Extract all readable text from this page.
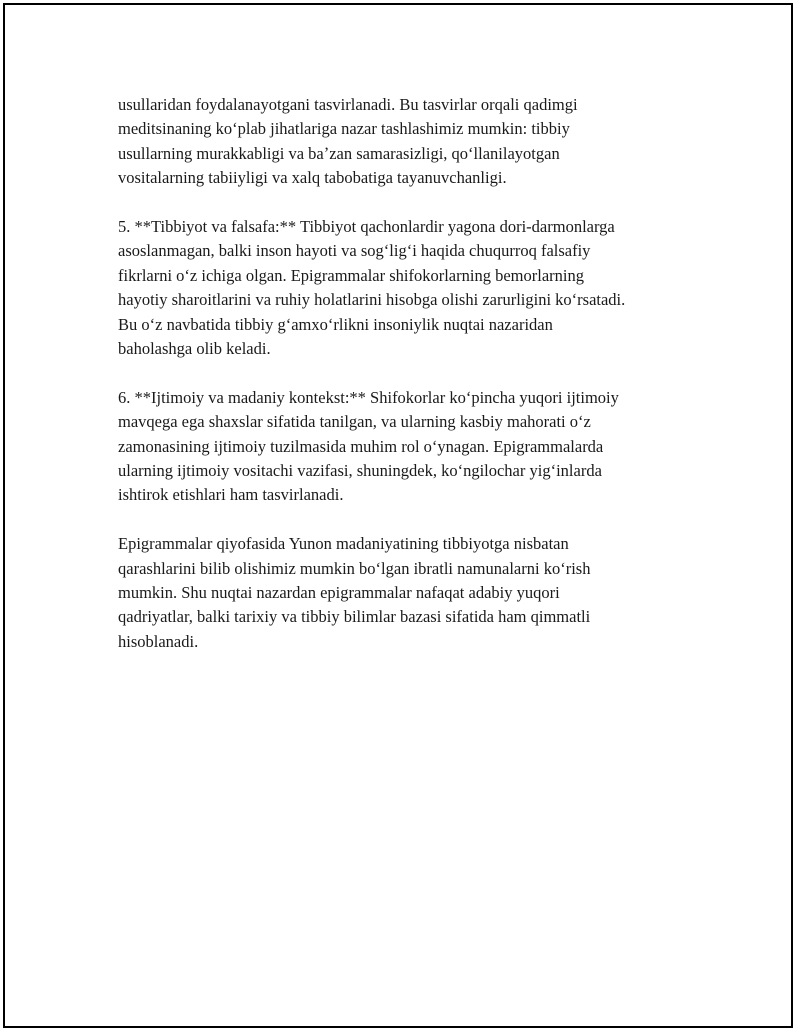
usullaridan foydalanayotgani tasvirlanadi. Bu tasvirlar orqali qadimgi
meditsinaning koʻplab jihatlariga nazar tashlashimiz mumkin: tibbiy
usullarning murakkabligi va baʼzan samarasizligi, qoʻllanilayotgan
vositalarning tabiiyligi va xalq tabobatiga tayanuvchanligi.

5. **Tibbiyot va falsafa:** Tibbiyot qachonlardir yagona dori-darmonlarga
asoslanmagan, balki inson hayoti va sogʻligʻi haqida chuqurroq falsafiy
fikrlarni oʻz ichiga olgan. Epigrammalar shifokorlarning bemorlarning
hayotiy sharoitlarini va ruhiy holatlarini hisobga olishi zarurligini koʻrsatadi.
Bu oʻz navbatida tibbiy gʻamxoʻrlikni insoniylik nuqtai nazaridan
baholashga olib keladi.

6. **Ijtimoiy va madaniy kontekst:** Shifokorlar koʻpincha yuqori ijtimoiy
mavqega ega shaxslar sifatida tanilgan, va ularning kasbiy mahorati oʻz
zamonasining ijtimoiy tuzilmasida muhim rol oʻynagan. Epigrammalarda
ularning ijtimoiy vositachi vazifasi, shuningdek, koʻngilochar yigʻinlarda
ishtirok etishlari ham tasvirlanadi.

Epigrammalar qiyofasida Yunon madaniyatining tibbiyotga nisbatan
qarashlarini bilib olishimiz mumkin boʻlgan ibratli namunalarni koʻrish
mumkin. Shu nuqtai nazardan epigrammalar nafaqat adabiy yuqori
qadriyatlar, balki tarixiy va tibbiy bilimlar bazasi sifatida ham qimmatli
hisoblanadi.
